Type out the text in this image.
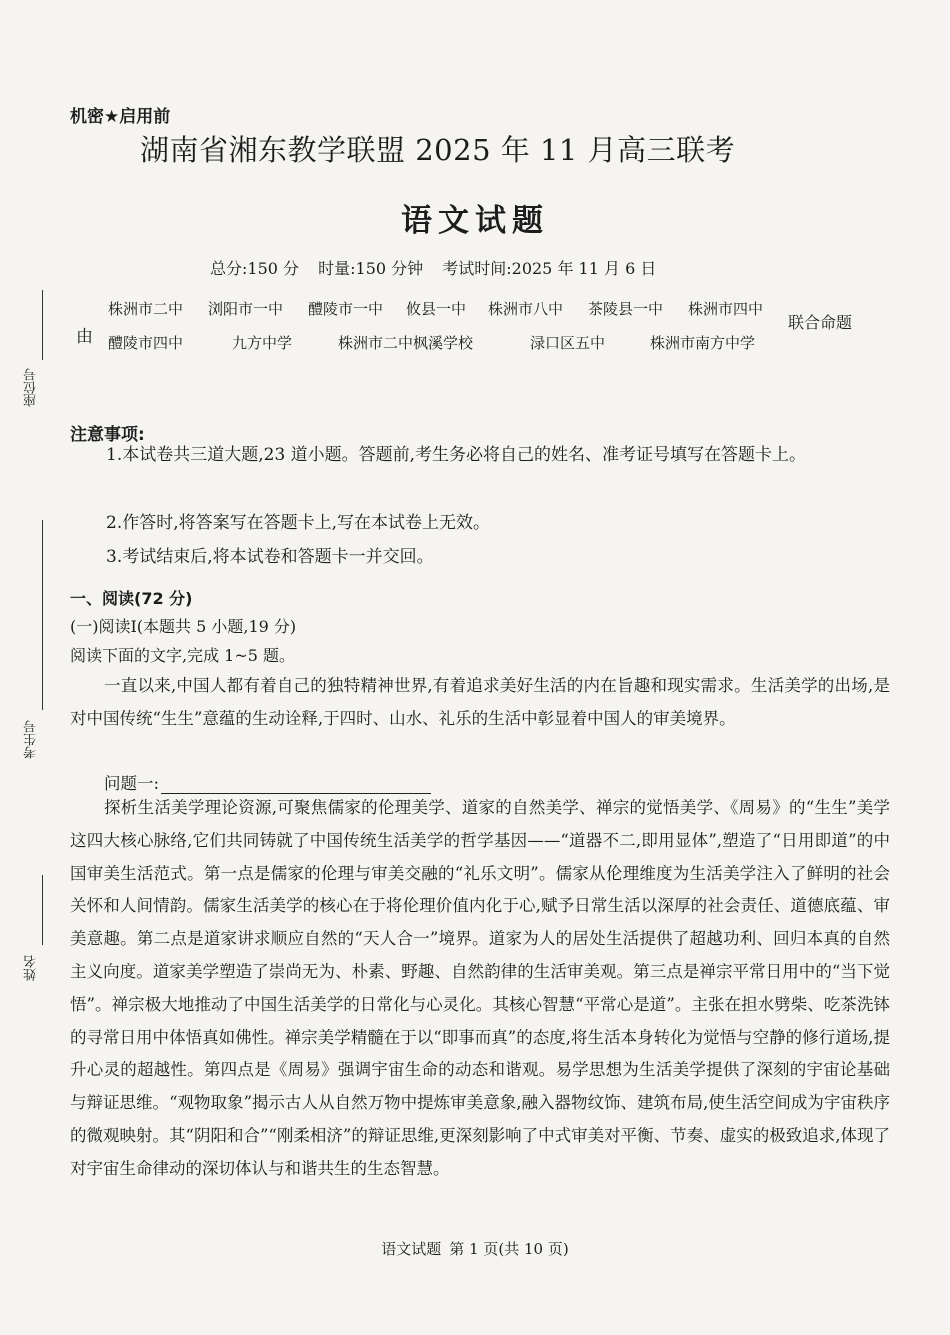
机密★启用前
湖南省湘东教学联盟 2025 年 11 月高三联考
语文试题
总分:150 分 时量:150 分钟 考试时间:2025 年 11 月 6 日
由
株洲市二中 浏阳市一中 醴陵市一中 攸县一中 株洲市八中 茶陵县一中 株洲市四中
醴陵市四中	九方中学	株洲市二中枫溪学校	渌口区五中	株洲市南方中学
联合命题
座位号
考生号
姓名
注意事项:
1.本试卷共三道大题,23 道小题。答题前,考生务必将自己的姓名、准考证号填写在答题卡上。
2.作答时,将答案写在答题卡上,写在本试卷上无效。
3.考试结束后,将本试卷和答题卡一并交回。
一、阅读(72 分)
(一)阅读Ⅰ(本题共 5 小题,19 分)
阅读下面的文字,完成 1~5 题。
一直以来,中国人都有着自己的独特精神世界,有着追求美好生活的内在旨趣和现实需求。生活美学的出场,是对中国传统“生生”意蕴的生动诠释,于四时、山水、礼乐的生活中彰显着中国人的审美境界。
问题一:
探析生活美学理论资源,可聚焦儒家的伦理美学、道家的自然美学、禅宗的觉悟美学、《周易》的“生生”美学这四大核心脉络,它们共同铸就了中国传统生活美学的哲学基因——“道器不二,即用显体”,塑造了“日用即道”的中国审美生活范式。第一点是儒家的伦理与审美交融的“礼乐文明”。儒家从伦理维度为生活美学注入了鲜明的社会关怀和人间情韵。儒家生活美学的核心在于将伦理价值内化于心,赋予日常生活以深厚的社会责任、道德底蕴、审美意趣。第二点是道家讲求顺应自然的“天人合一”境界。道家为人的居处生活提供了超越功利、回归本真的自然主义向度。道家美学塑造了崇尚无为、朴素、野趣、自然韵律的生活审美观。第三点是禅宗平常日用中的“当下觉悟”。禅宗极大地推动了中国生活美学的日常化与心灵化。其核心智慧“平常心是道”。主张在担水劈柴、吃茶洗钵的寻常日用中体悟真如佛性。禅宗美学精髓在于以“即事而真”的态度,将生活本身转化为觉悟与空静的修行道场,提升心灵的超越性。第四点是《周易》强调宇宙生命的动态和谐观。易学思想为生活美学提供了深刻的宇宙论基础与辩证思维。“观物取象”揭示古人从自然万物中提炼审美意象,融入器物纹饰、建筑布局,使生活空间成为宇宙秩序的微观映射。其“阴阳和合”“刚柔相济”的辩证思维,更深刻影响了中式审美对平衡、节奏、虚实的极致追求,体现了对宇宙生命律动的深切体认与和谐共生的生态智慧。
语文试题 第 1 页(共 10 页)
